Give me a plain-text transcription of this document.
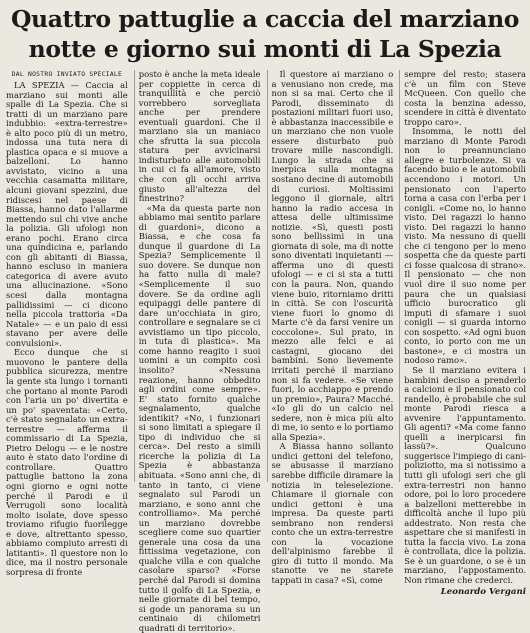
Quattro pattuglie a caccia del marziano
notte e giorno sui monti di La Spezia

DAL NOSTRO INVIATO SPECIALE

LA SPEZIA — Caccia al marziano sui monti alle spalle di La Spezia. Che si tratti di un marziano pare indubbio: «extra-terrestre» è alto poco più di un metro, indossa una tuta nera di plastica opaca e si muove a balzelloni. Lo hanno avvistato, vicino a una vecchia casamatta militare, alcuni giovani spezzini, due ridiscesi nel paese di Biassa, hanno dato l'allarme mettendo sul chi vive anche la polizia. Gli ufologi non erano pochi. Erano circa una quindicina e, parlando con gli abitanti di Biassa, hanno escluso in maniera categorica di avere avuto una allucinazione. «Sono scesi dalla montagna pallidissimi — ci dicono nella piccola trattoria «Da Natale» — e un paio di essi stavano per avere delle convulsioni».

Ecco dunque che si muovono le pantere della pubblica sicurezza, mentre la gente sta lungo i tornanti che portano al monte Parodi con l'aria un po' divertita e un po' spaventata: «Certo, c'è stato segnalato un extra-terrestre — afferma il commissario di La Spezia, Pietro Delogu — e le nostre auto è stato dato l'ordine di controllare. Quattro pattuglie battono la zona ogni giorno e ogni notte perché il Parodi e il Verrugoli sono località molto isolate, dove spesso troviamo rifugio fuorilegge e dove, altrettanto spesso, abbiamo compiuto arresti di latitanti». Il questore non lo dice, ma il nostro personale sorpresa di fronte

posto è anche la meta ideale per coppiette in cerca di tranquillità e che perciò vorrebbero sorvegliata anche per prendere eventuali guardoni. Che il marziano sia un maniaco che sfrutta la sua piccola statura per avvicinarsi indisturbato alle automobili in cui ci fa all'amore, visto che con gli occhi arriva giusto all'altezza del finestrino?

«Ma da questa parte non abbiamo mai sentito parlare di guardoni», dicono a Biassa, e che cosa fa dunque il guardone di La Spezia? Semplicemente il suo dovere. Se dunque non ha fatto nulla di male? «Semplicemente il suo dovere. Se da ordine agli equipaggi delle pantere di dare un'occhiata in giro, controllare e segnalare se ci avvistiamo un tipo piccolo, in tuta di plastica». Ma come hanno reagito i suoi uomini a un compito così insolito? «Nessuna reazione, hanno obbedito agli ordini come sempre». E' stato fornito qualche segnalamento, qualche identikit? «No, i funzionari si sono limitati a spiegare il tipo di individuo che si cerca». Del resto a simili ricerche la polizia di La Spezia è abbastanza abituata. «Sono anni che, di tanto in tanto, ci viene segnalato sul Parodi un marziano, e sono anni che controlliamo». Ma perché un marziano dovrebbe scegliere come suo quartier generale una cosa da una fittissima vegetazione, con qualche villa e con qualche casolare sparso? «Forse perché dal Parodi si domina tutto il golfo di La Spezia, e nelle giornate di bel tempo, si gode un panorama su un centinaio di chilometri quadrati di territorio».

Il questore ai marziano o a venusiano non crede, ma non si sa mai. Certo che il Parodi, disseminato di postazioni militari fuori uso, è abbastanza inaccessibile e un marziano che non vuole essere disturbato può trovare mille nascondigli. Lungo la strada che si inerpica sulla montagna sostano decine di automobili di curiosi. Moltissimi leggono il giornale, altri hanno la radio accesa in attesa delle ultimissime notizie. «Sì, questi posti sono bellissimi in una giornata di sole, ma di notte sono diventati inquietanti — afferma uno di questi ufologi — e ci si sta a tutti con la paura. Non, quando viene buio, ritorniamo dritti in città. Se con l'oscurità viene fuori lo gnomo di Marte c'è da farsi venire un coccolone». Sul prato, in mezzo alle felci e ai castagni, giocano dei bambini. Sono lievemente irritati perché il marziano non si fa vedere. «Se viene fuori, lo acchiappo e prendo un premio», Paura? Macché. «Io gli do un calcio nel sedere, non è mica più alto di me, io sento e lo portiamo alla Spezia».

A Biassa hanno sollanto undici gettoni del telefono, se abusasse il marziano sarebbe difficile diramare la notizia in teleselezione. Chiamare il giornale con undici gettoni è una impresa. Da queste parti sembrano non rendersi conto che un extra-terrestre con la vocazione dell'alpinismo farebbe il giro di tutto il mondo. Ma stanotte ve ne starete tappati in casa? «Sì, come

sempre del resto; stasera c'è un film con Steve McQueen. Con quello che costa la benzina adesso, scendere in città è diventato troppo caro».

Insomma, le notti del marziano di Monte Parodi non lo preannunciano allegre e turbolenze. Si va facendo buio e le automobili accendono i motori. Un pensionato con l'aperto torna a casa con l'erba per i conigli. «Come no, lo hanno visto. Dei ragazzi lo hanno visto. Dei ragazzi lo hanno visto. Ma nessuno di quelli che ci tengono per lo meno sospetta che da queste parti ci fosse qualcosa di strano». Il pensionato — che non vuol dire il suo nome per paura che un qualsiasi ufficio burocratico gli imputi di sfamare i suoi conigli — si guarda intorno con sospetto. «Ad ogni buon conto, io porto con me un bastone», e ci mostra un nodoso ramo».

Se il marziano evitera i bambini deciso a prenderlo a calcioni e il pensionato col randello, è probabile che sul monte Parodi riesca a avvenire l'appuntamento. Gli agenti? «Ma come fanno quelli a inerpicarsi fin lassù?». Qualcuno suggerisce l'impiego di cani-poliziotto, ma si notissimo a tutti gli ufologi seri che gli extra-terrestri non hanno odore, poi lo loro procedere a balzelloni metterebbe in difficoltà anche il lupo più addestrato. Non resta che aspettare che si manifesti in tutta la faccia vivo. La zona è controllata, dice la polizia. Se è un guardone, o se è un marziano, l'appostamento. Non rimane che crederci.

Leonardo Vergani
